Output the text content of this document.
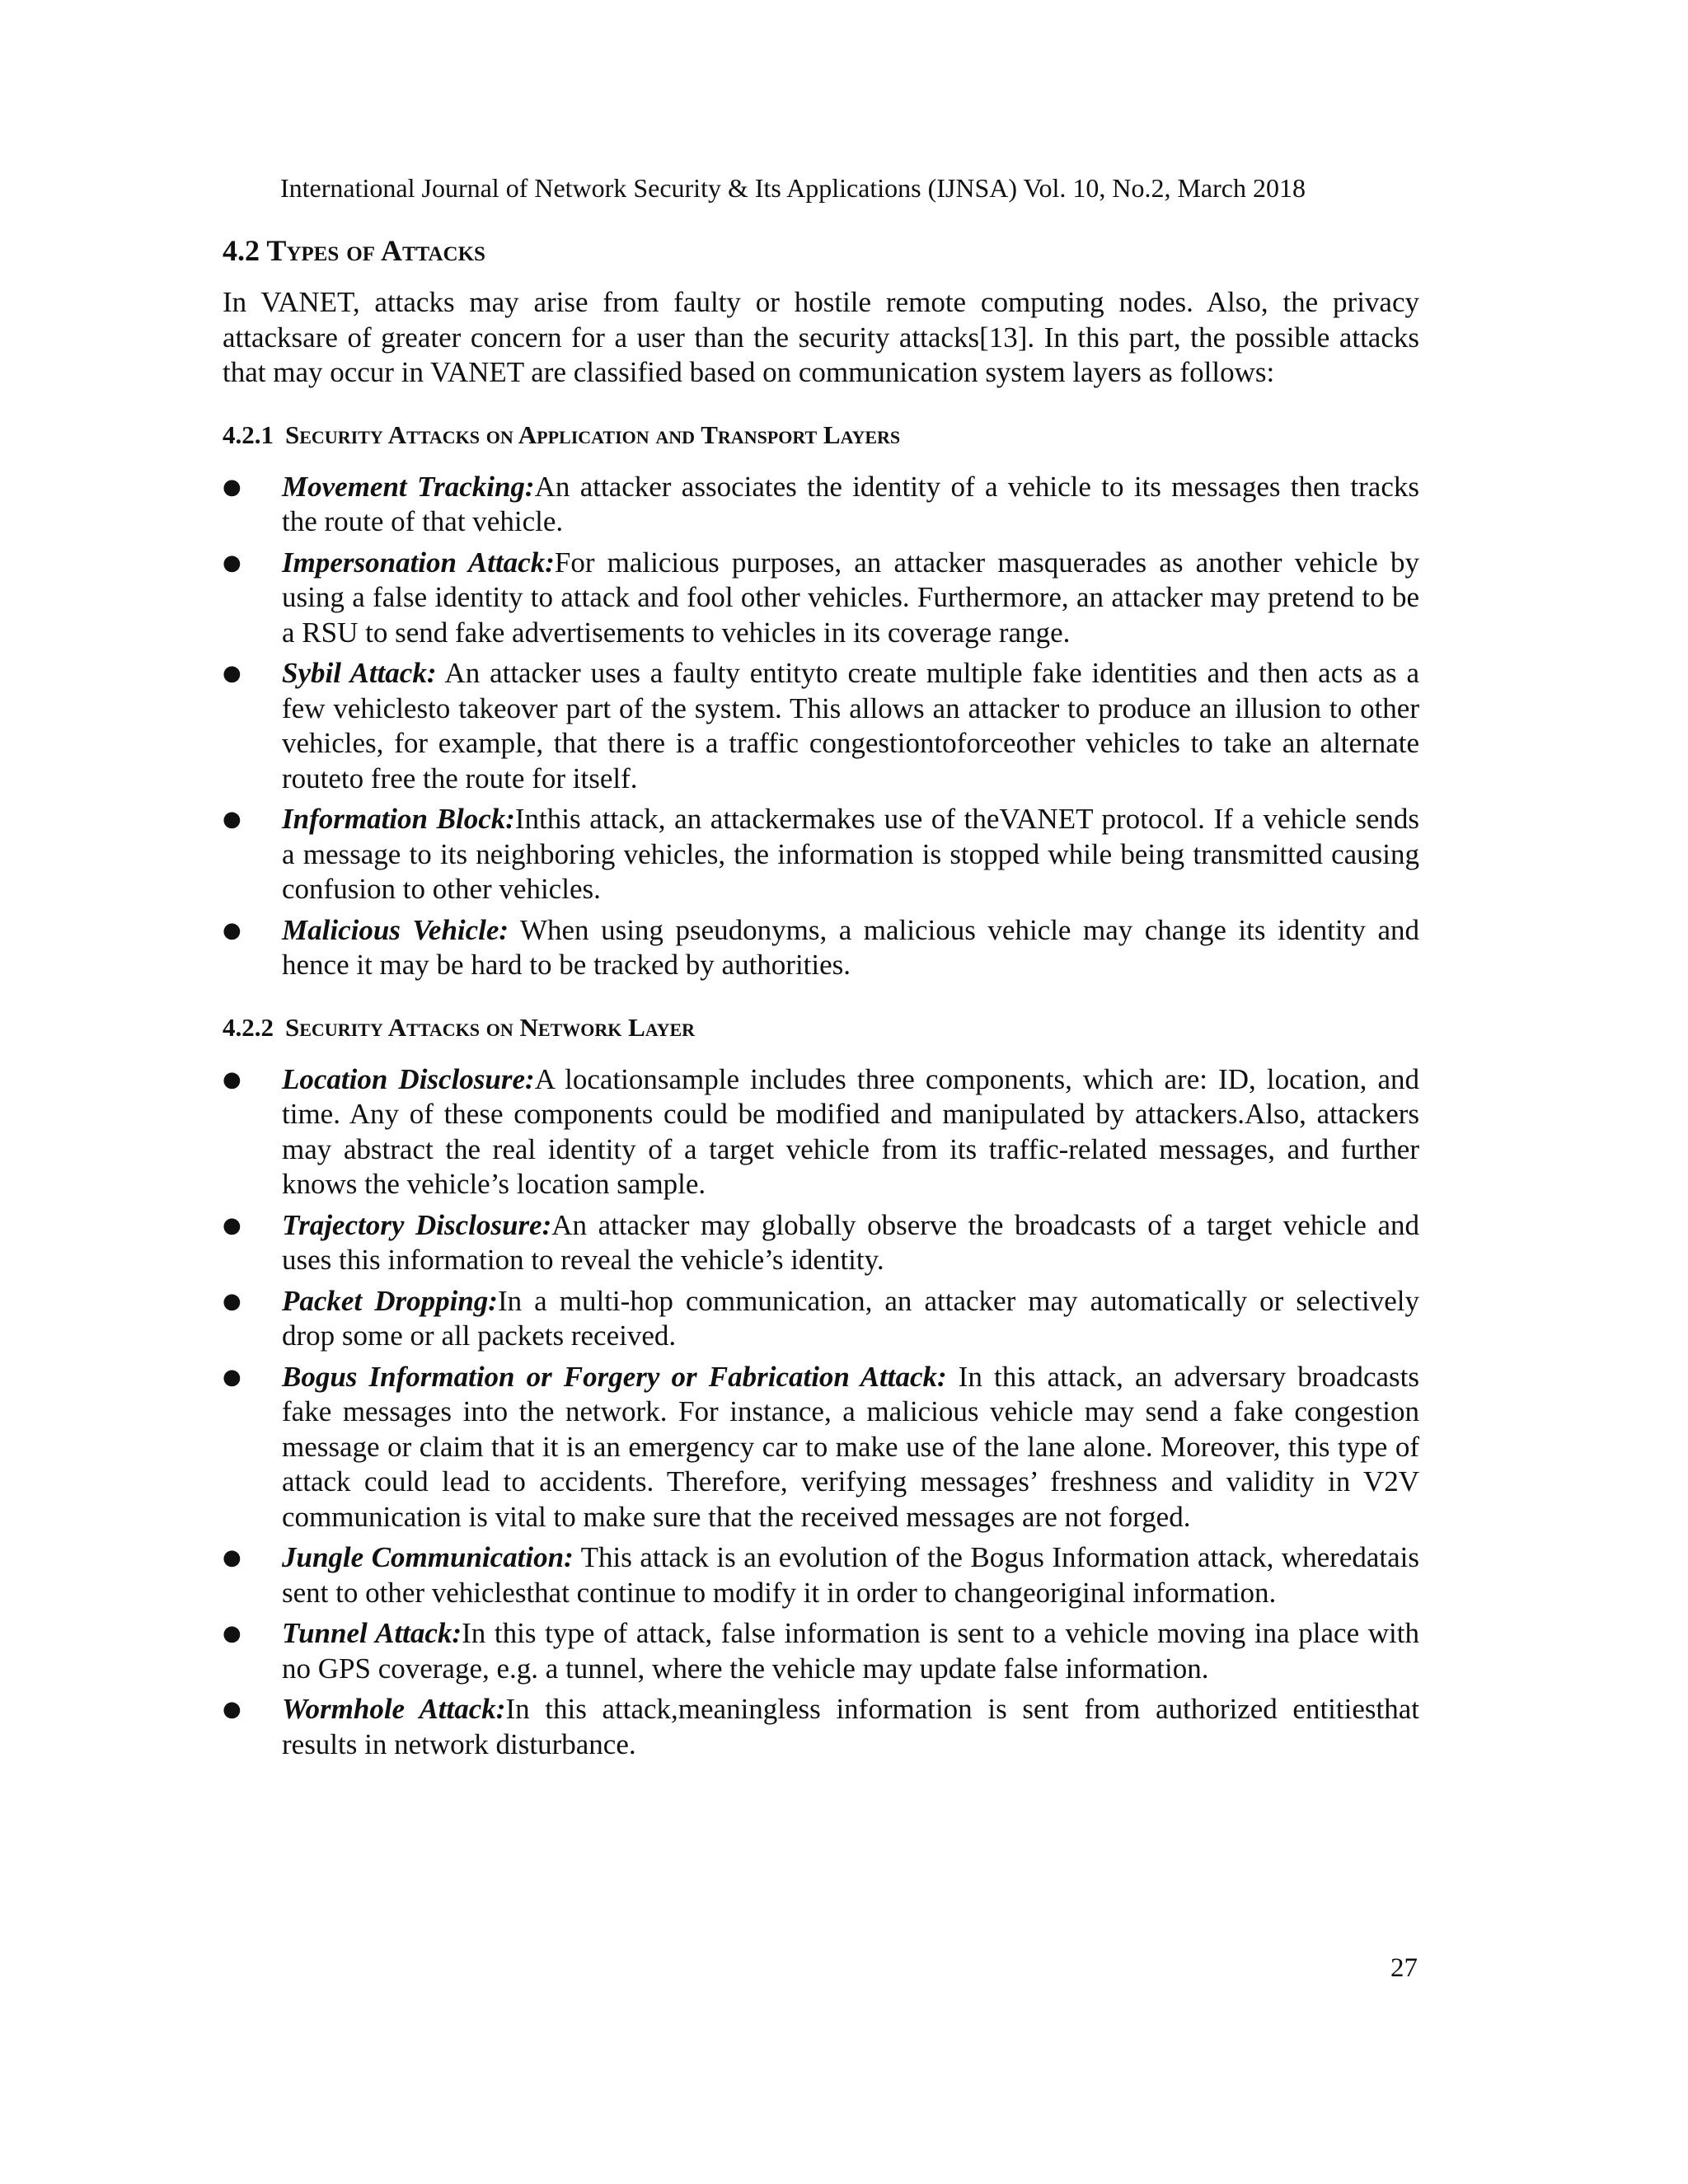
International Journal of Network Security & Its Applications (IJNSA) Vol. 10, No.2, March 2018
4.2 Types of Attacks

In VANET, attacks may arise from faulty or hostile remote computing nodes. Also, the privacy attacksare of greater concern for a user than the security attacks[13]. In this part, the possible attacks that may occur in VANET are classified based on communication system layers as follows:

4.2.1 Security Attacks on Application and Transport Layers
● Movement Tracking:An attacker associates the identity of a vehicle to its messages then tracks the route of that vehicle.
● Impersonation Attack:For malicious purposes, an attacker masquerades as another vehicle by using a false identity to attack and fool other vehicles. Furthermore, an attacker may pretend to be a RSU to send fake advertisements to vehicles in its coverage range.
● Sybil Attack: An attacker uses a faulty entityto create multiple fake identities and then acts as a few vehiclesto takeover part of the system. This allows an attacker to produce an illusion to other vehicles, for example, that there is a traffic congestiontoforceother vehicles to take an alternate routeto free the route for itself.
● Information Block:Inthis attack, an attackermakes use of theVANET protocol. If a vehicle sends a message to its neighboring vehicles, the information is stopped while being transmitted causing confusion to other vehicles.
● Malicious Vehicle: When using pseudonyms, a malicious vehicle may change its identity and hence it may be hard to be tracked by authorities.
4.2.2 Security Attacks on Network Layer
● Location Disclosure:A locationsample includes three components, which are: ID, location, and time. Any of these components could be modified and manipulated by attackers.Also, attackers may abstract the real identity of a target vehicle from its traffic-related messages, and further knows the vehicle’s location sample.
● Trajectory Disclosure:An attacker may globally observe the broadcasts of a target vehicle and uses this information to reveal the vehicle’s identity.
● Packet Dropping:In a multi‑hop communication, an attacker may automatically or selectively drop some or all packets received.
● Bogus Information or Forgery or Fabrication Attack: In this attack, an adversary broadcasts fake messages into the network. For instance, a malicious vehicle may send a fake congestion message or claim that it is an emergency car to make use of the lane alone. Moreover, this type of attack could lead to accidents. Therefore, verifying messages’ freshness and validity in V2V communication is vital to make sure that the received messages are not forged.
● Jungle Communication: This attack is an evolution of the Bogus Information attack, wheredatais sent to other vehiclesthat continue to modify it in order to changeoriginal information.
● Tunnel Attack:In this type of attack, false information is sent to a vehicle moving ina place with no GPS coverage, e.g. a tunnel, where the vehicle may update false information.
● Wormhole Attack:In this attack,meaningless information is sent from authorized entitiesthat results in network disturbance.
27
